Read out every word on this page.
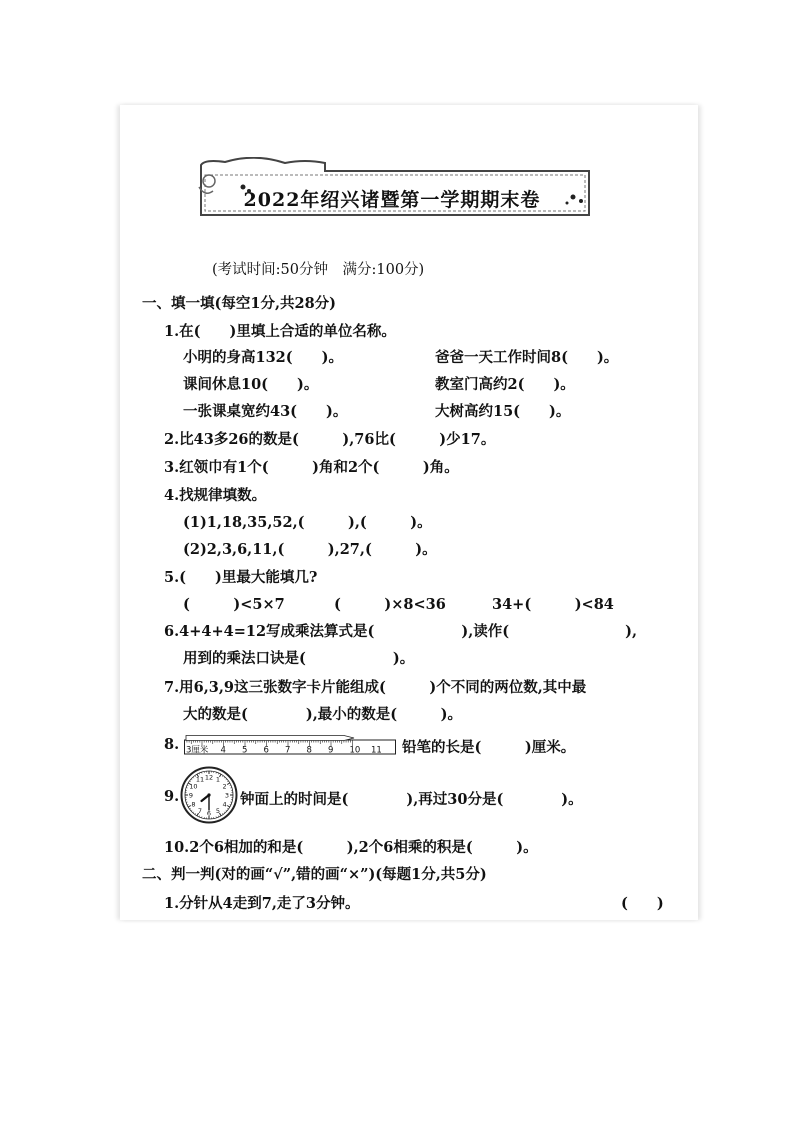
2022年绍兴诸暨第一学期期末卷
(考试时间:50分钟　满分:100分)
一、填一填(每空1分,共28分)
1.在(　　)里填上合适的单位名称。
小明的身高132(　　)。	爸爸一天工作时间8(　　)。
课间休息10(　　)。	教室门高约2(　　)。
一张课桌宽约43(　　)。	大树高约15(　　)。
2.比43多26的数是(　　　),76比(　　　)少17。
3.红领巾有1个(　　　)角和2个(　　　)角。
4.找规律填数。
(1)1,18,35,52,(　　　),(　　　)。
(2)2,3,6,11,(　　　),27,(　　　)。
5.(　　)里最大能填几?
(　　　)<5×7	(　　　)×8<36	34+(　　　)<84
6.4+4+4=12写成乘法算式是(　　　　　　),读作(　　　　　　　　),
用到的乘法口诀是(　　　　　　)。
7.用6,3,9这三张数字卡片能组成(　　　)个不同的两位数,其中最
大的数是(　　　　),最小的数是(　　　)。
8. 3厘米 4 5 6 7 8 9 10 11 铅笔的长是(　　　)厘米。
9.
12 1
2
3
4
5
6
7
8
9
10
11
钟面上的时间是(　　　　),再过30分是(　　　　)。
10.2个6相加的和是(　　　),2个6相乘的积是(　　　)。
二、判一判(对的画“√”,错的画“×”)(每题1分,共5分)
1.分针从4走到7,走了3分钟。	(　　)
